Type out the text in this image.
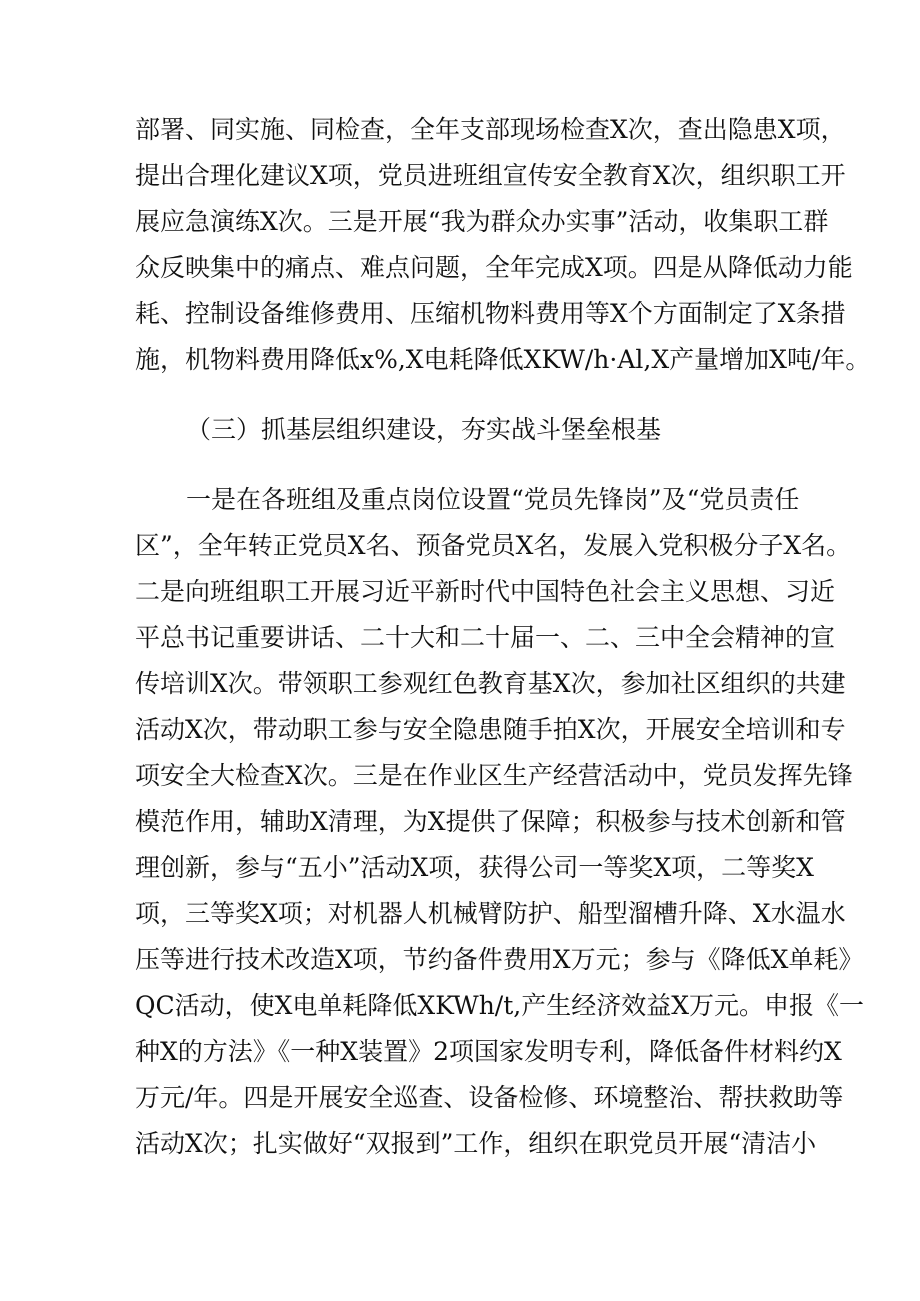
部署、同实施、同检查，全年支部现场检查X次，查出隐患X项，
提出合理化建议X项，党员进班组宣传安全教育X次，组织职工开
展应急演练X次。三是开展“我为群众办实事”活动，收集职工群
众反映集中的痛点、难点问题，全年完成X项。四是从降低动力能
耗、控制设备维修费用、压缩机物料费用等X个方面制定了X条措
施，机物料费用降低x%,X电耗降低XKW/h·Al,X产量增加X吨/年。
（三）抓基层组织建设，夯实战斗堡垒根基
一是在各班组及重点岗位设置“党员先锋岗”及“党员责任
区”，全年转正党员X名、预备党员X名，发展入党积极分子X名。
二是向班组职工开展习近平新时代中国特色社会主义思想、习近
平总书记重要讲话、二十大和二十届一、二、三中全会精神的宣
传培训X次。带领职工参观红色教育基X次，参加社区组织的共建
活动X次，带动职工参与安全隐患随手拍X次，开展安全培训和专
项安全大检查X次。三是在作业区生产经营活动中，党员发挥先锋
模范作用，辅助X清理，为X提供了保障；积极参与技术创新和管
理创新，参与“五小”活动X项，获得公司一等奖X项，二等奖X
项，三等奖X项；对机器人机械臂防护、船型溜槽升降、X水温水
压等进行技术改造X项，节约备件费用X万元；参与《降低X单耗》
QC活动，使X电单耗降低XKWh/t,产生经济效益X万元。申报《一
种X的方法》《一种X装置》2项国家发明专利，降低备件材料约X
万元/年。四是开展安全巡查、设备检修、环境整治、帮扶救助等
活动X次；扎实做好“双报到”工作，组织在职党员开展“清洁小
